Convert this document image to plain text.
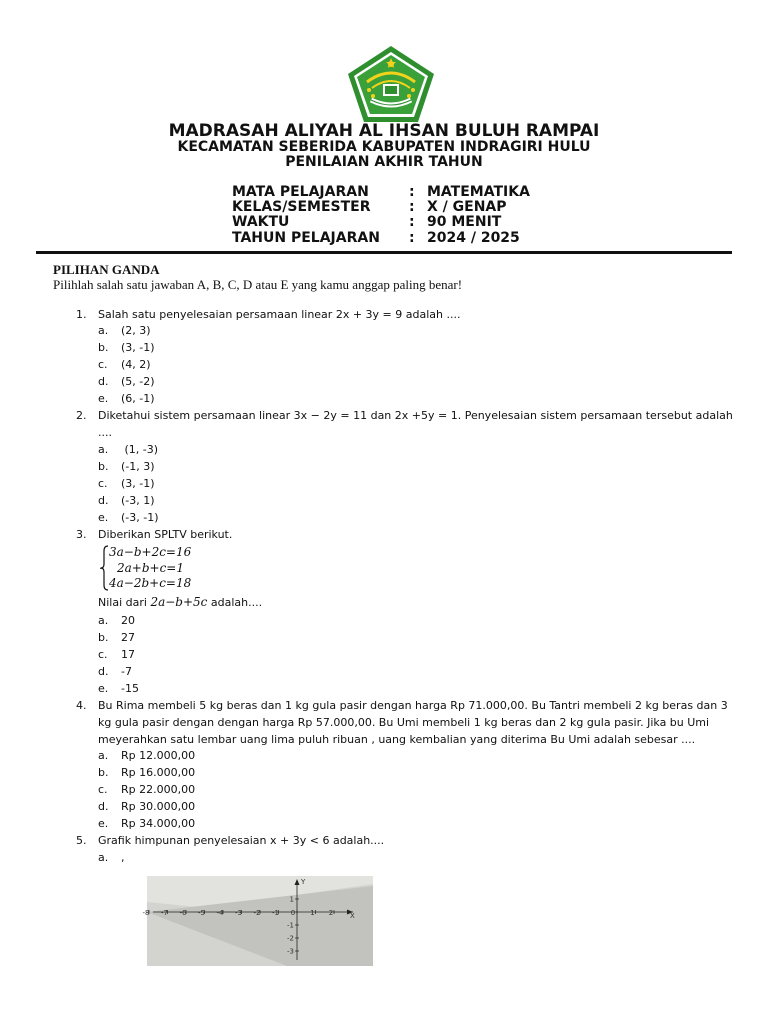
MADRASAH ALIYAH AL IHSAN BULUH RAMPAI
KECAMATAN SEBERIDA KABUPATEN INDRAGIRI HULU
PENILAIAN AKHIR TAHUN
MATA PELAJARAN	: MATEMATIKA
KELAS/SEMESTER	: X / GENAP
WAKTU	: 90 MENIT
TAHUN PELAJARAN : 2024 / 2025
PILIHAN GANDA
Pilihlah salah satu jawaban A, B, C, D atau E yang kamu anggap paling benar!
1. Salah satu penyelesaian persamaan linear 2x + 3y = 9 adalah ....
a. (2, 3)
b. (3, -1)
c. (4, 2)
d. (5, -2)
e. (6, -1)
2. Diketahui sistem persamaan linear 3x − 2y = 11 dan 2x +5y = 1. Penyelesaian sistem persamaan tersebut adalah
....
a. (1, -3)
b. (-1, 3)
c. (3, -1)
d. (-3, 1)
e. (-3, -1)
3. Diberikan SPLTV berikut.
.
3a−b+2c=16
2a+b+c=1
4a−2b+c=18
Nilai dari 2a−b+5c adalah....
a. 20
b. 27
c. 17
d. -7
e. -15
4. Bu Rima membeli 5 kg beras dan 1 kg gula pasir dengan harga Rp 71.000,00. Bu Tantri membeli 2 kg beras dan 3
kg gula pasir dengan dengan harga Rp 57.000,00. Bu Umi membeli 1 kg beras dan 2 kg gula pasir. Jika bu Umi
meyerahkan satu lembar uang lima puluh ribuan , uang kembalian yang diterima Bu Umi adalah sebesar ....
a. Rp 12.000,00
b. Rp 16.000,00
c. Rp 22.000,00
d. Rp 30.000,00
e. Rp 34.000,00
5. Grafik himpunan penyelesaian x + 3y < 6 adalah....
a. ,
-8 -7 -6 -5 -4 -3 -2 -1 0 1 2 X
Y
1
-1
-2
-3
